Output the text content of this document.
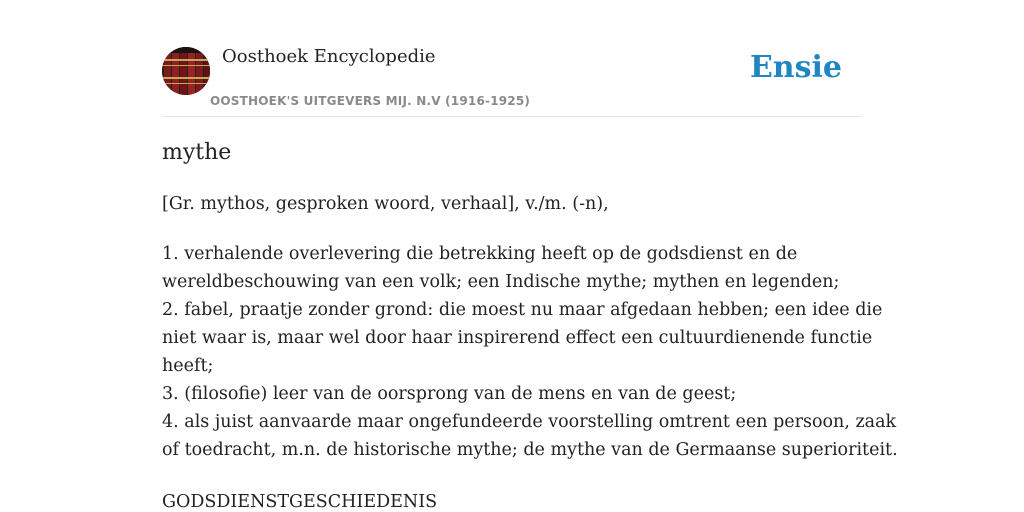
Oosthoek Encyclopedie
OOSTHOEK'S UITGEVERS MIJ. N.V (1916-1925)
Ensie
mythe
[Gr. mythos, gesproken woord, verhaal], v./m. (-n),
1. verhalende overlevering die betrekking heeft op de godsdienst en de
wereldbeschouwing van een volk; een Indische mythe; mythen en legenden;
2. fabel, praatje zonder grond: die moest nu maar afgedaan hebben; een idee die
niet waar is, maar wel door haar inspirerend effect een cultuurdienende functie
heeft;
3. (filosofie) leer van de oorsprong van de mens en van de geest;
4. als juist aanvaarde maar ongefundeerde voorstelling omtrent een persoon, zaak
of toedracht, m.n. de historische mythe; de mythe van de Germaanse superioriteit.
GODSDIENSTGESCHIEDENIS
